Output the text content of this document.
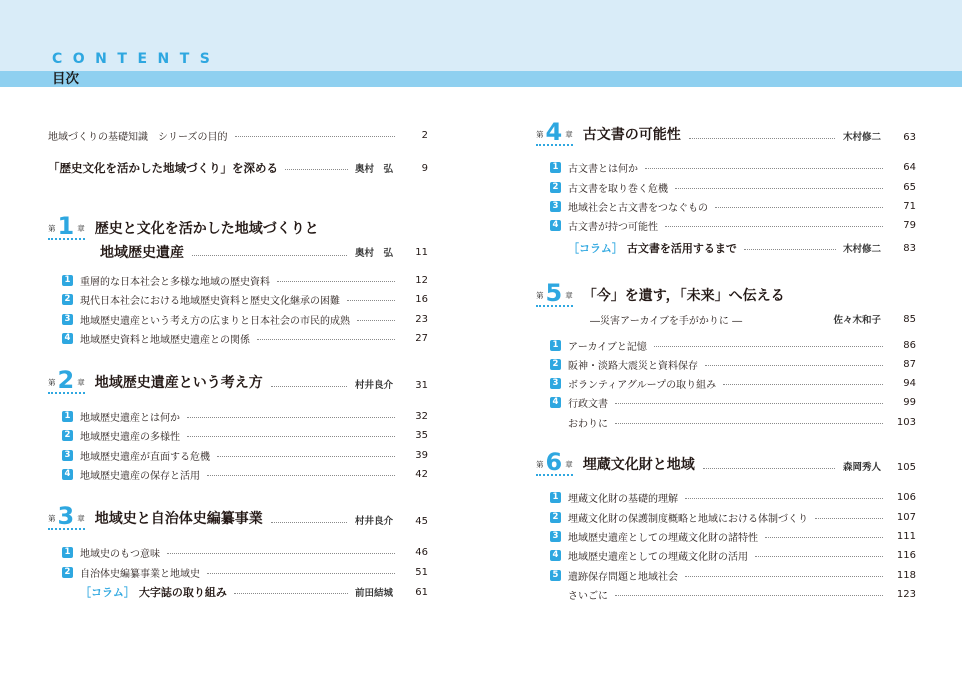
CONTENTS
目次
地域づくりの基礎知識　シリーズの目的	2
「歴史文化を活かした地域づくり」を深める	奥村　弘	9
第 1 章 歴史と文化を活かした地域づくりと
地域歴史遺産	奥村　弘	11
1 重層的な日本社会と多様な地域の歴史資料	12
2 現代日本社会における地域歴史資料と歴史文化継承の困難	16
3 地域歴史遺産という考え方の広まりと日本社会の市民的成熟	23
4 地域歴史資料と地域歴史遺産との関係	27
第 2 章 地域歴史遺産という考え方	村井良介	31
1 地域歴史遺産とは何か	32
2 地域歴史遺産の多様性	35
3 地域歴史遺産が直面する危機	39
4 地域歴史遺産の保存と活用	42
第 3 章 地域史と自治体史編纂事業	村井良介	45
1 地域史のもつ意味	46
2 自治体史編纂事業と地域史	51
［コラム］ 大字誌の取り組み	前田結城	61
第 4 章 古文書の可能性	木村修二	63
1 古文書とは何か	64
2 古文書を取り巻く危機	65
3 地域社会と古文書をつなぐもの	71
4 古文書が持つ可能性	79
［コラム］ 古文書を活用するまで	木村修二	83
第 5 章 「今」を遺す，「未来」へ伝える
―災害アーカイブを手がかりに ―	佐々木和子	85
1 アーカイブと記憶	86
2 阪神・淡路大震災と資料保存	87
3 ボランティアグループの取り組み	94
4 行政文書	99
おわりに	103
第 6 章 埋蔵文化財と地域	森岡秀人	105
1 埋蔵文化財の基礎的理解	106
2 埋蔵文化財の保護制度概略と地域における体制づくり	107
3 地域歴史遺産としての埋蔵文化財の諸特性	111
4 地域歴史遺産としての埋蔵文化財の活用	116
5 遺跡保存問題と地域社会	118
さいごに	123
